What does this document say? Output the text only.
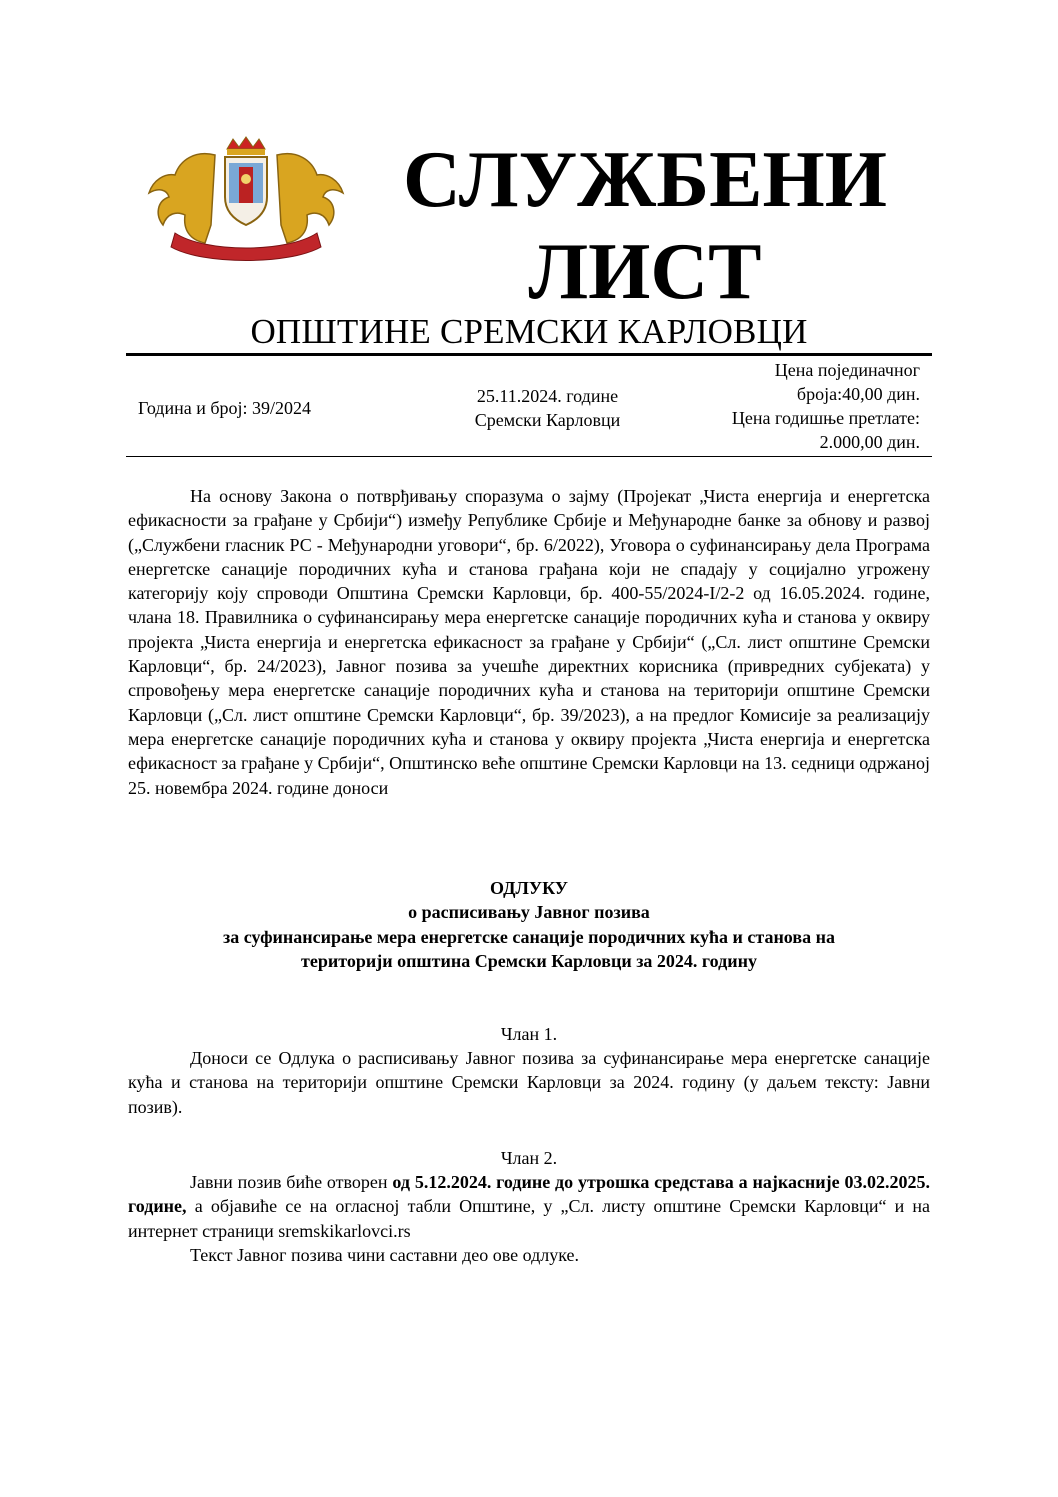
СЛУЖБЕНИ
ЛИСТ
ОПШТИНЕ СРЕМСКИ КАРЛОВЦИ
Година и број: 39/2024
25.11.2024. године
Сремски Карловци
Цена појединачног
броја:40,00 дин.
Цена годишње претлате:
2.000,00 дин.

На основу Закона о потврђивању споразума о зајму (Пројекат „Чиста енергија и енергетска ефикасности за грађане у Србији“) између Републике Србије и Међународне банке за обнову и развој („Службени гласник РС - Међународни уговори“, бр. 6/2022), Уговора о суфинансирању дела Програма енергетске санације породичних кућа и станова грађана који не спадају у социјално угрожену категорију коју спроводи Општина Сремски Карловци, бр. 400-55/2024-I/2-2 од 16.05.2024. године, члана 18. Правилника о суфинансирању мера енергетске санације породичних кућа и станова у оквиру пројекта „Чиста енергија и енергетска ефикасност за грађане у Србији“ („Сл. лист општине Сремски Карловци“, бр. 24/2023), Јавног позива за учешће директних корисника (привредних субјеката) у спровођењу мера енергетске санације породичних кућа и станова на територији општине Сремски Карловци („Сл. лист општине Сремски Карловци“, бр. 39/2023), а на предлог Комисије за реализацију мера енергетске санације породичних кућа и станова у оквиру пројекта „Чиста енергија и енергетска ефикасност за грађане у Србији“, Општинско веће општине Сремски Карловци на 13. седници одржаној 25. новембра 2024. године доноси

ОДЛУКУ
о расписивању Јавног позива
за суфинансирање мера енергетске санације породичних кућа и станова на
територији општина Сремски Карловци за 2024. годину
Члан 1.

Доноси се Одлука о расписивању Јавног позива за суфинансирање мера енергетске санације кућа и станова на територији општине Сремски Карловци за 2024. годину (у даљем тексту: Јавни позив).

Члан 2.

Јавни позив биће отворен од 5.12.2024. године до утрошка средстава а најкасније 03.02.2025. године, а објавиће се на огласној табли Општине, у „Сл. листу општине Сремски Карловци“ и на интернет страници sremskikarlovci.rs

Текст Јавног позива чини саставни део ове одлуке.
